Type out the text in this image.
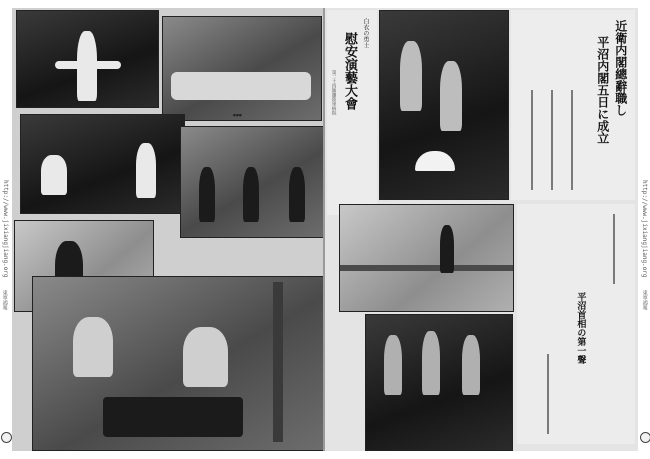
●●●
白衣の勇士
慰安演藝大會
第二十四師團陸軍病院	近衛内閣總辭職し
平沼内閣五日に成立
平沼首相の第一聲
http://www.jixiangjiang.org
東寧鴻報
http://www.jixiangjiang.org
東寧鴻報
